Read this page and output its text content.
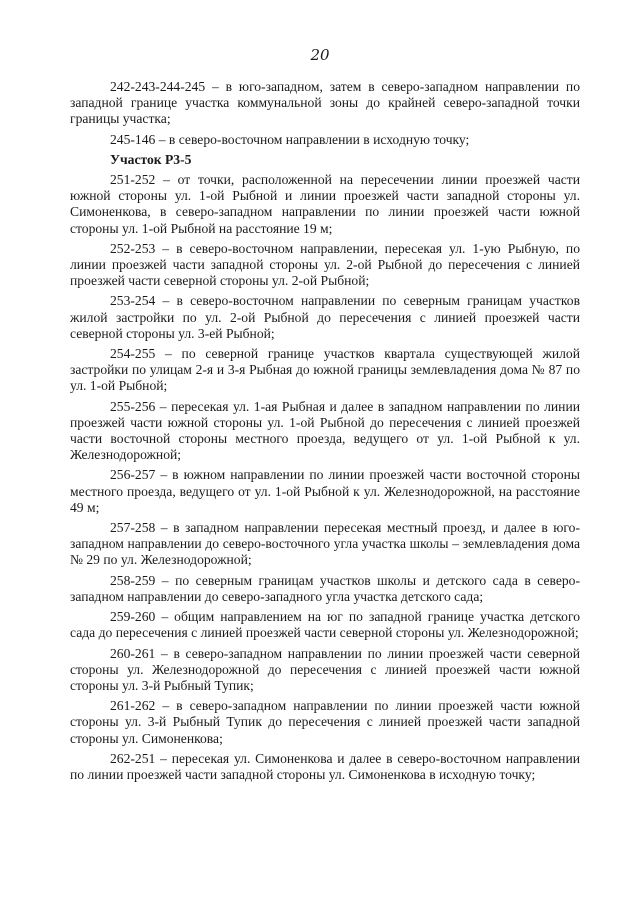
20

242-243-244-245 – в юго-западном, затем в северо-западном направлении по западной границе участка коммунальной зоны до крайней северо-западной точки границы участка;

245-146 – в северо-восточном направлении в исходную точку;

Участок Р3-5

251-252 – от точки, расположенной на пересечении линии проезжей части южной стороны ул. 1-ой Рыбной и линии проезжей части западной стороны ул. Симоненкова, в северо-западном направлении по линии проезжей части южной стороны ул. 1-ой Рыбной на расстояние 19 м;

252-253 – в северо-восточном направлении, пересекая ул. 1-ую Рыбную, по линии проезжей части западной стороны ул. 2-ой Рыбной до пересечения с линией проезжей части северной стороны ул. 2-ой Рыбной;

253-254 – в северо-восточном направлении по северным границам участков жилой застройки по ул. 2-ой Рыбной до пересечения с линией проезжей части северной стороны ул. 3-ей Рыбной;

254-255 – по северной границе участков квартала существующей жилой застройки по улицам 2-я и 3-я Рыбная до южной границы землевладения дома № 87 по ул. 1-ой Рыбной;

255-256 – пересекая ул. 1-ая Рыбная и далее в западном направлении по линии проезжей части южной стороны ул. 1-ой Рыбной до пересечения с линией проезжей части восточной стороны местного проезда, ведущего от ул. 1-ой Рыбной к ул. Железнодорожной;

256-257 – в южном направлении по линии проезжей части восточной стороны местного проезда, ведущего от ул. 1-ой Рыбной к ул. Железнодорожной, на расстояние 49 м;

257-258 – в западном направлении пересекая местный проезд, и далее в юго-западном направлении до северо-восточного угла участка школы – землевладения дома № 29 по ул. Железнодорожной;

258-259 – по северным границам участков школы и детского сада в северо-западном направлении до северо-западного угла участка детского сада;

259-260 – общим направлением на юг по западной границе участка детского сада до пересечения с линией проезжей части северной стороны ул. Железнодорожной;

260-261 – в северо-западном направлении по линии проезжей части северной стороны ул. Железнодорожной до пересечения с линией проезжей части южной стороны ул. 3-й Рыбный Тупик;

261-262 – в северо-западном направлении по линии проезжей части южной стороны ул. 3-й Рыбный Тупик до пересечения с линией проезжей части западной стороны ул. Симоненкова;

262-251 – пересекая ул. Симоненкова и далее в северо-восточном направлении по линии проезжей части западной стороны ул. Симоненкова в исходную точку;
